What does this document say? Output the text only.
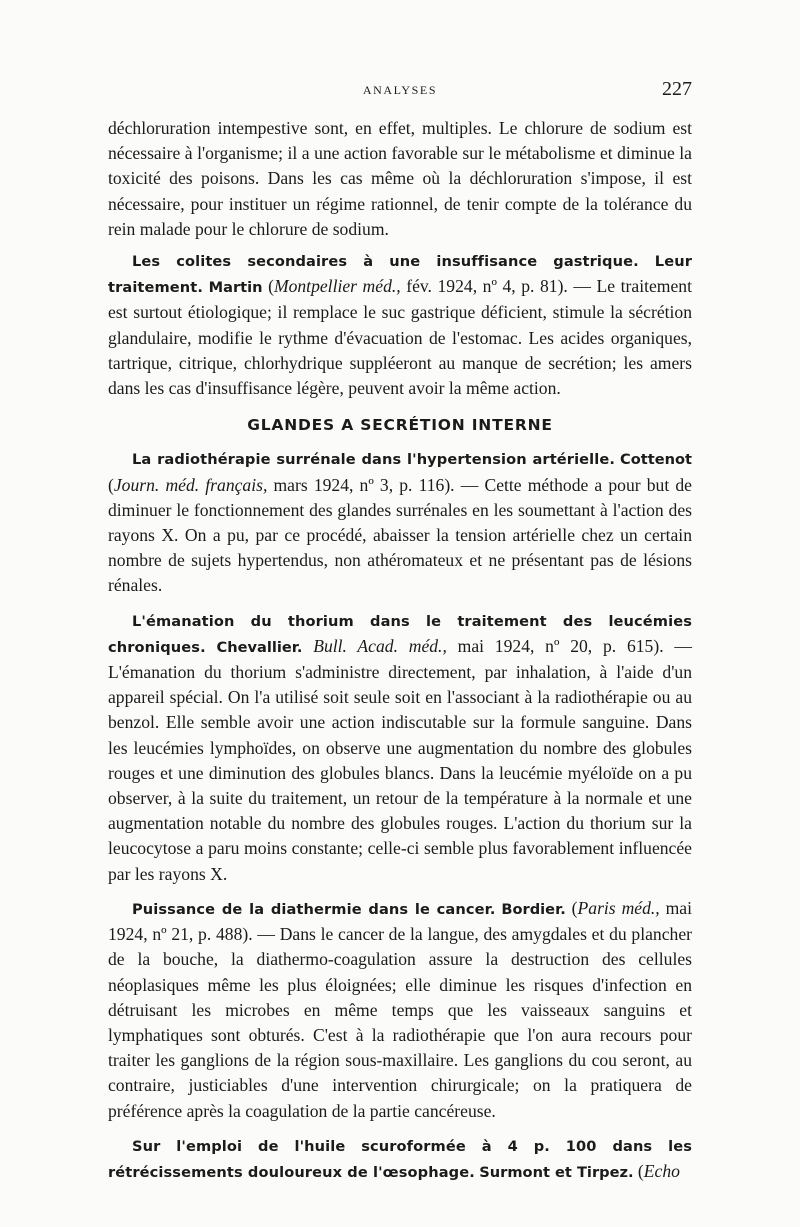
ANALYSES	227

déchloruration intempestive sont, en effet, multiples. Le chlorure de sodium est nécessaire à l'organisme; il a une action favorable sur le métabolisme et diminue la toxicité des poisons. Dans les cas même où la déchloruration s'impose, il est nécessaire, pour instituer un régime rationnel, de tenir compte de la tolérance du rein malade pour le chlorure de sodium.

Les colites secondaires à une insuffisance gastrique. Leur traitement. Martin (Montpellier méd., fév. 1924, nº 4, p. 81). — Le traitement est surtout étiologique; il remplace le suc gastrique déficient, stimule la sécrétion glandulaire, modifie le rythme d'évacuation de l'estomac. Les acides organiques, tartrique, citrique, chlorhydrique suppléeront au manque de secrétion; les amers dans les cas d'insuffisance légère, peuvent avoir la même action.

GLANDES A SECRÉTION INTERNE

La radiothérapie surrénale dans l'hypertension artérielle. Cottenot (Journ. méd. français, mars 1924, nº 3, p. 116). — Cette méthode a pour but de diminuer le fonctionnement des glandes surrénales en les soumettant à l'action des rayons X. On a pu, par ce procédé, abaisser la tension artérielle chez un certain nombre de sujets hypertendus, non athéromateux et ne présentant pas de lésions rénales.

L'émanation du thorium dans le traitement des leucémies chroniques. Chevallier. Bull. Acad. méd., mai 1924, nº 20, p. 615). — L'émanation du thorium s'administre directement, par inhalation, à l'aide d'un appareil spécial. On l'a utilisé soit seule soit en l'associant à la radiothérapie ou au benzol. Elle semble avoir une action indiscutable sur la formule sanguine. Dans les leucémies lymphoïdes, on observe une augmentation du nombre des globules rouges et une diminution des globules blancs. Dans la leucémie myéloïde on a pu observer, à la suite du traitement, un retour de la température à la normale et une augmentation notable du nombre des globules rouges. L'action du thorium sur la leucocytose a paru moins constante; celle-ci semble plus favorablement influencée par les rayons X.

Puissance de la diathermie dans le cancer. Bordier. (Paris méd., mai 1924, nº 21, p. 488). — Dans le cancer de la langue, des amygdales et du plancher de la bouche, la diathermo-coagulation assure la destruction des cellules néoplasiques même les plus éloignées; elle diminue les risques d'infection en détruisant les microbes en même temps que les vaisseaux sanguins et lymphatiques sont obturés. C'est à la radiothérapie que l'on aura recours pour traiter les ganglions de la région sous-maxillaire. Les ganglions du cou seront, au contraire, justiciables d'une intervention chirurgicale; on la pratiquera de préférence après la coagulation de la partie cancéreuse.

Sur l'emploi de l'huile scuroformée à 4 p. 100 dans les rétrécissements douloureux de l'œsophage. Surmont et Tirpez. (Echo
